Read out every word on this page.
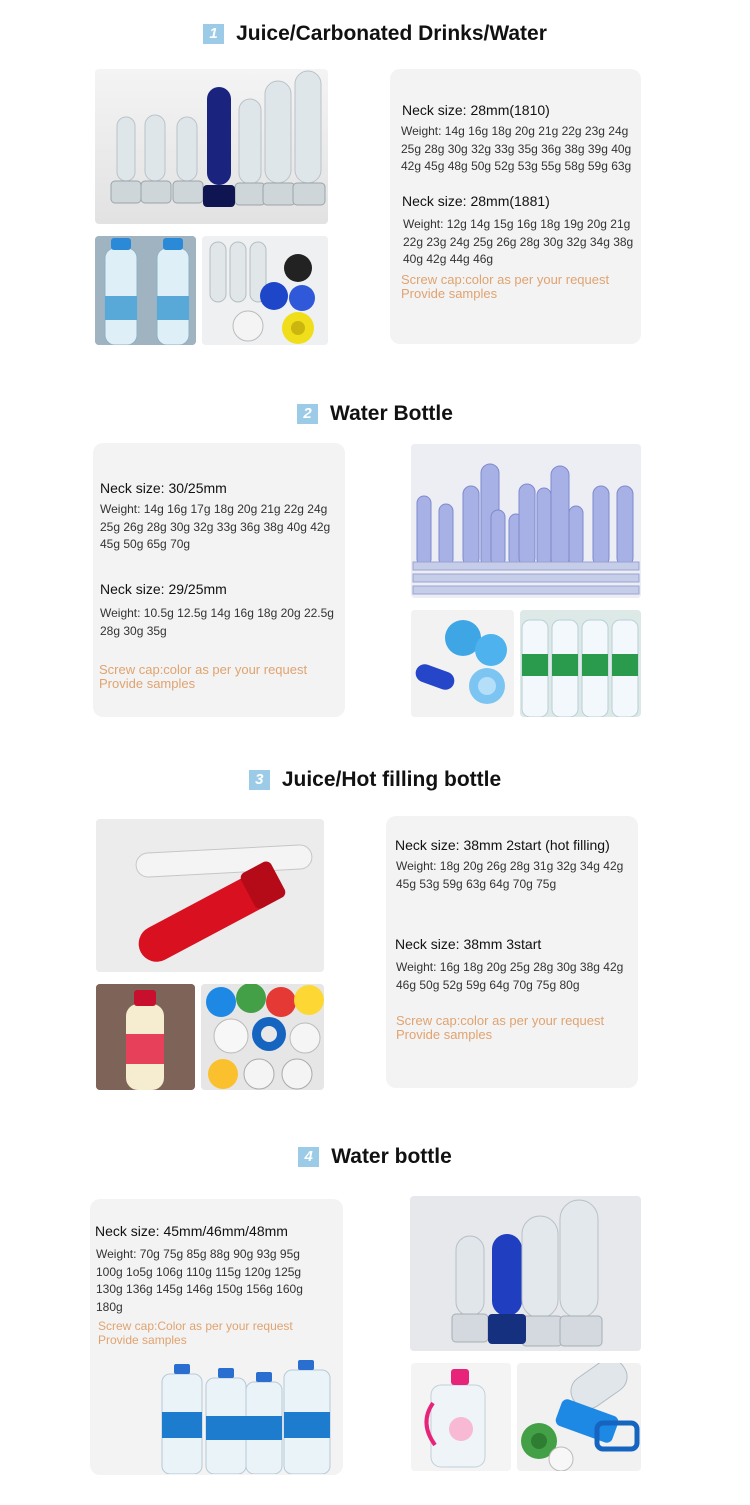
1 Juice/Carbonated Drinks/Water
Neck size: 28mm(1810)
Weight: 14g 16g 18g 20g 21g 22g 23g 24g 25g 28g 30g 32g 33g 35g 36g 38g 39g 40g 42g 45g 48g 50g 52g 53g 55g 58g 59g 63g
Neck size: 28mm(1881)
Weight: 12g 14g 15g 16g 18g 19g 20g 21g 22g 23g 24g 25g 26g 28g 30g 32g 34g 38g 40g 42g 44g 46g
Screw cap:color as per your request
Provide samples
2 Water Bottle
Neck size: 30/25mm
Weight: 14g 16g 17g 18g 20g 21g 22g 24g 25g 26g 28g 30g 32g 33g 36g 38g 40g 42g 45g 50g 65g 70g
Neck size: 29/25mm
Weight: 10.5g 12.5g 14g 16g 18g 20g 22.5g 28g 30g 35g
Screw cap:color as per your request
Provide samples
3 Juice/Hot filling bottle
Neck size: 38mm 2start (hot filling)
Weight: 18g 20g 26g 28g 31g 32g 34g 42g 45g 53g 59g 63g 64g 70g 75g
Neck size: 38mm 3start
Weight: 16g 18g 20g 25g 28g 30g 38g 42g 46g 50g 52g 59g 64g 70g 75g 80g
Screw cap:color as per your request
Provide samples
4 Water bottle
Neck size: 45mm/46mm/48mm
Weight: 70g 75g 85g 88g 90g 93g 95g 100g 1o5g 106g 110g 115g 120g 125g 130g 136g 145g 146g 150g 156g 160g 180g
Screw cap:Color as per your request
Provide samples
